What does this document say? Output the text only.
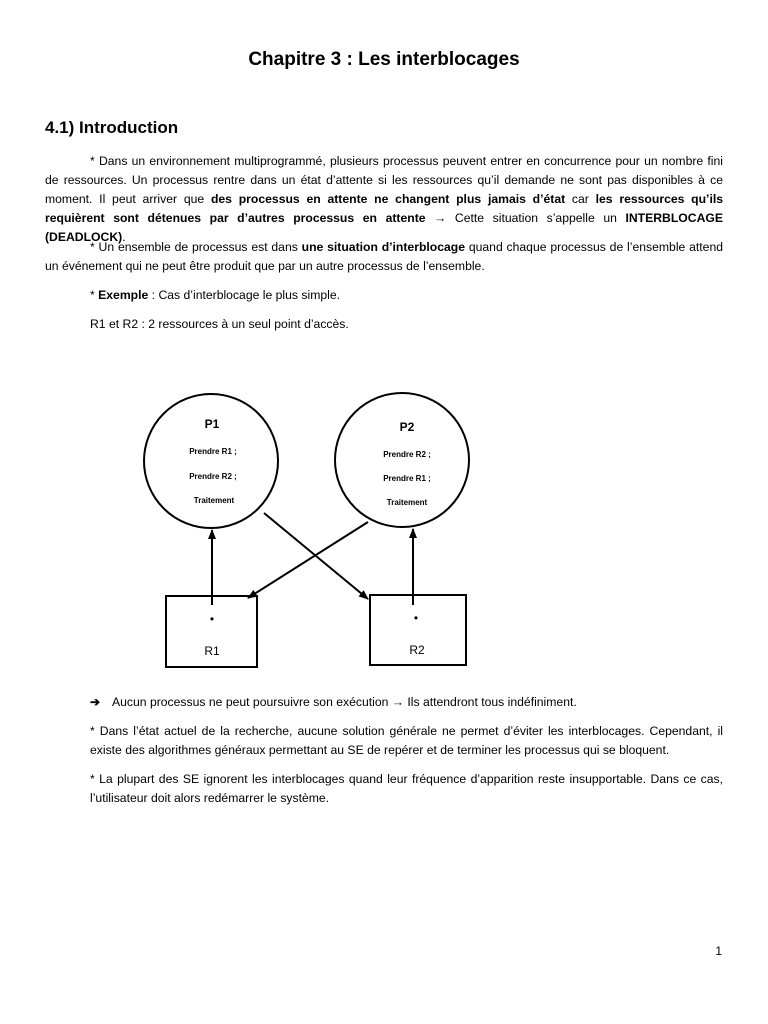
Chapitre 3 : Les interblocages
4.1) Introduction
* Dans un environnement multiprogrammé, plusieurs processus peuvent entrer en concurrence pour un nombre fini de ressources. Un processus rentre dans un état d’attente si les ressources qu’il demande ne sont pas disponibles à ce moment. Il peut arriver que des processus en attente ne changent plus jamais d’état car les ressources qu’ils requièrent sont détenues par d’autres processus en attente → Cette situation s’appelle un INTERBLOCAGE (DEADLOCK).
* Un ensemble de processus est dans une situation d’interblocage quand chaque processus de l’ensemble attend un événement qui ne peut être produit que par un autre processus de l’ensemble.
* Exemple : Cas d’interblocage le plus simple.
R1 et R2 : 2 ressources à un seul point d’accès.
P1
Prendre R1 ;
Prendre R2 ;
Traitement
P2
Prendre R2 ;
Prendre R1 ;
Traitement
•
R1
•
R2
➔ Aucun processus ne peut poursuivre son exécution → Ils attendront tous indéfiniment.
* Dans l’état actuel de la recherche, aucune solution générale ne permet d’éviter les interblocages. Cependant, il existe des algorithmes généraux permettant au SE de repérer et de terminer les processus qui se bloquent.
* La plupart des SE ignorent les interblocages quand leur fréquence d’apparition reste insupportable. Dans ce cas, l’utilisateur doit alors redémarrer le système.
1
